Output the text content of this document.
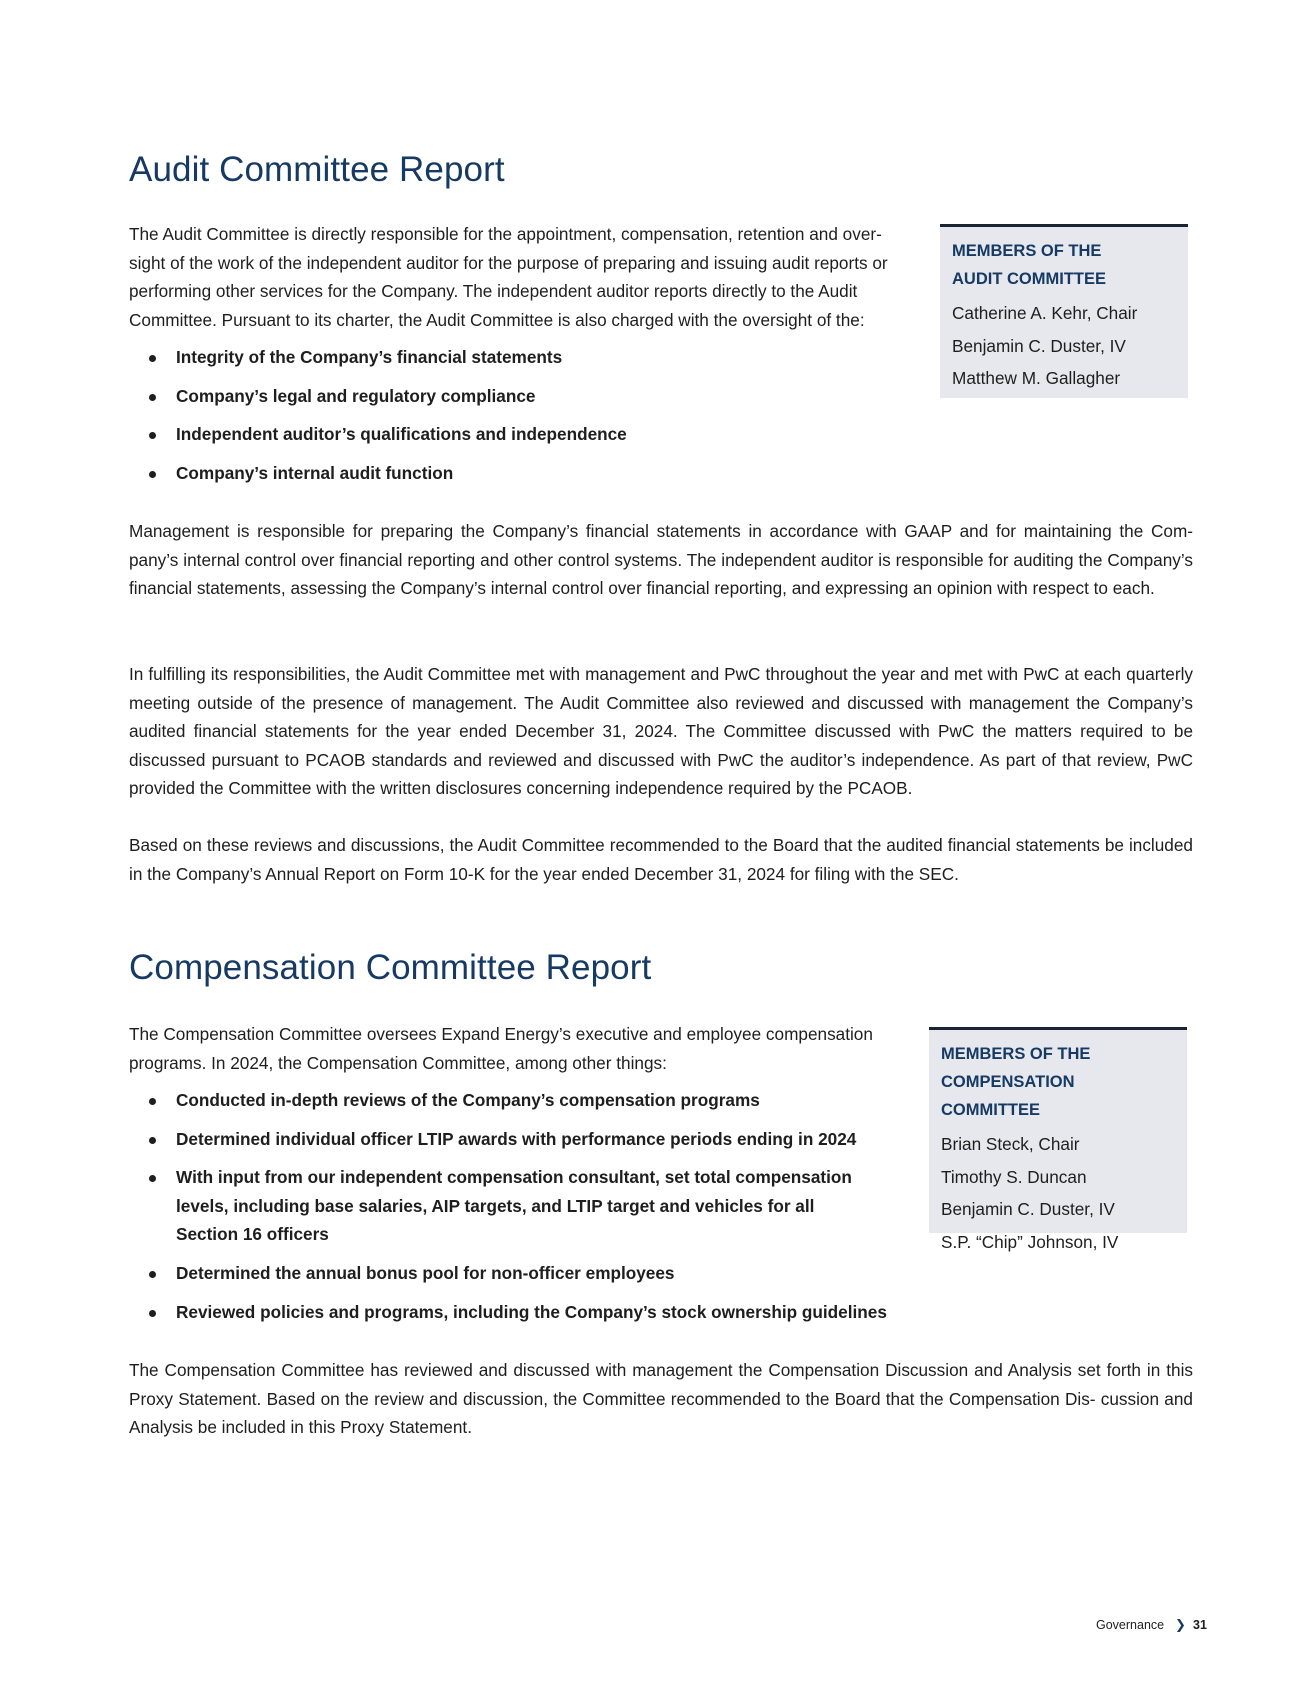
Audit Committee Report

The Audit Committee is directly responsible for the appointment, compensation, retention and over- sight of the work of the independent auditor for the purpose of preparing and issuing audit reports or performing other services for the Company. The independent auditor reports directly to the Audit Committee. Pursuant to its charter, the Audit Committee is also charged with the oversight of the:

Integrity of the Company’s financial statements
Company’s legal and regulatory compliance
Independent auditor’s qualifications and independence
Company’s internal audit function
MEMBERS OF THE
AUDIT COMMITTEE
Catherine A. Kehr, Chair
Benjamin C. Duster, IV
Matthew M. Gallagher

Management is responsible for preparing the Company’s financial statements in accordance with GAAP and for maintaining the Com- pany’s internal control over financial reporting and other control systems. The independent auditor is responsible for auditing the Company’s financial statements, assessing the Company’s internal control over financial reporting, and expressing an opinion with respect to each.

In fulfilling its responsibilities, the Audit Committee met with management and PwC throughout the year and met with PwC at each quarterly meeting outside of the presence of management. The Audit Committee also reviewed and discussed with management the Company’s audited financial statements for the year ended December 31, 2024. The Committee discussed with PwC the matters required to be discussed pursuant to PCAOB standards and reviewed and discussed with PwC the auditor’s independence. As part of that review, PwC provided the Committee with the written disclosures concerning independence required by the PCAOB.

Based on these reviews and discussions, the Audit Committee recommended to the Board that the audited financial statements be included in the Company’s Annual Report on Form 10-K for the year ended December 31, 2024 for filing with the SEC.

Compensation Committee Report

The Compensation Committee oversees Expand Energy’s executive and employee compensation programs. In 2024, the Compensation Committee, among other things:

Conducted in-depth reviews of the Company’s compensation programs
Determined individual officer LTIP awards with performance periods ending in 2024
With input from our independent compensation consultant, set total compensation levels, including base salaries, AIP targets, and LTIP target and vehicles for all Section 16 officers
Determined the annual bonus pool for non-officer employees
Reviewed policies and programs, including the Company’s stock ownership guidelines
MEMBERS OF THE
COMPENSATION COMMITTEE
Brian Steck, Chair
Timothy S. Duncan
Benjamin C. Duster, IV
S.P. “Chip” Johnson, IV

The Compensation Committee has reviewed and discussed with management the Compensation Discussion and Analysis set forth in this Proxy Statement. Based on the review and discussion, the Committee recommended to the Board that the Compensation Dis- cussion and Analysis be included in this Proxy Statement.

Governance ❯ 31
